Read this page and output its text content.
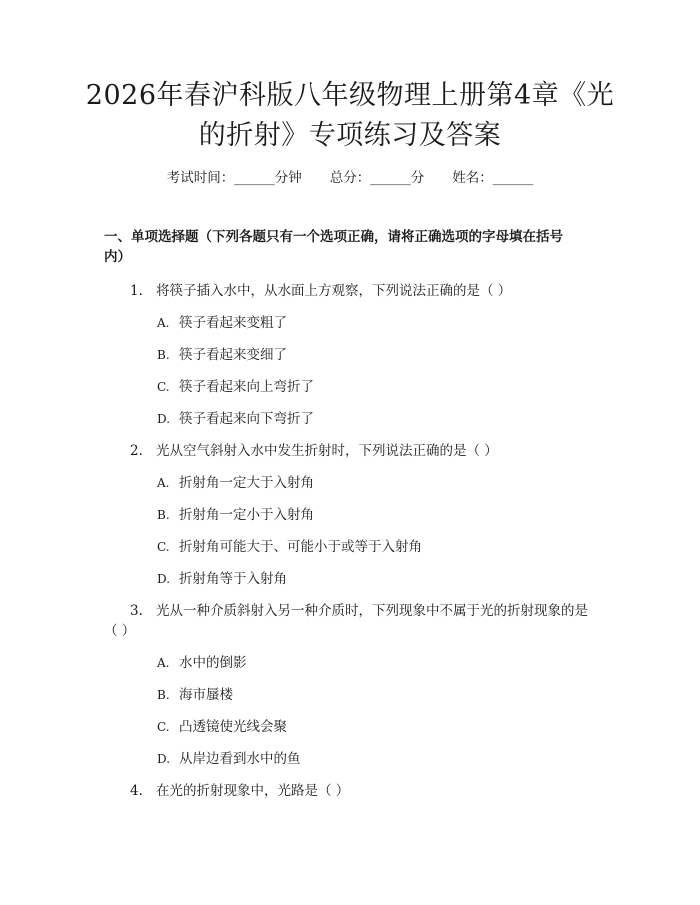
2026年春沪科版八年级物理上册第4章《光
的折射》专项练习及答案
考试时间：______分钟 总分：______分 姓名：______
一、单项选择题（下列各题只有一个选项正确，请将正确选项的字母填在括号
内）
1. 将筷子插入水中，从水面上方观察，下列说法正确的是（ ）
A. 筷子看起来变粗了
B. 筷子看起来变细了
C. 筷子看起来向上弯折了
D. 筷子看起来向下弯折了
2. 光从空气斜射入水中发生折射时，下列说法正确的是（ ）
A. 折射角一定大于入射角
B. 折射角一定小于入射角
C. 折射角可能大于、可能小于或等于入射角
D. 折射角等于入射角
3. 光从一种介质斜射入另一种介质时，下列现象中不属于光的折射现象的是
（ ）
A. 水中的倒影
B. 海市蜃楼
C. 凸透镜使光线会聚
D. 从岸边看到水中的鱼
4. 在光的折射现象中，光路是（ ）
